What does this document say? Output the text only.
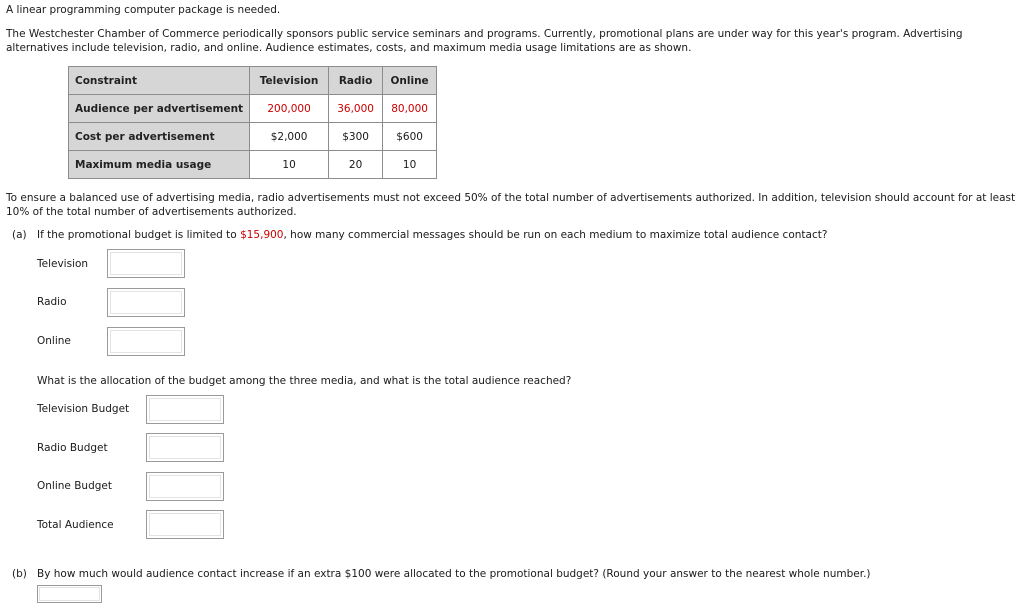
A linear programming computer package is needed.
The Westchester Chamber of Commerce periodically sponsors public service seminars and programs. Currently, promotional plans are under way for this year's program. Advertising alternatives include television, radio, and online. Audience estimates, costs, and maximum media usage limitations are as shown.
Constraint	Television	Radio	Online
Audience per advertisement	200,000	36,000	80,000
Cost per advertisement	$2,000	$300	$600
Maximum media usage	10	20	10
To ensure a balanced use of advertising media, radio advertisements must not exceed 50% of the total number of advertisements authorized. In addition, television should account for at least 10% of the total number of advertisements authorized.
(a) If the promotional budget is limited to $15,900, how many commercial messages should be run on each medium to maximize total audience contact?
Television
Radio
Online
What is the allocation of the budget among the three media, and what is the total audience reached?
Television Budget
Radio Budget
Online Budget
Total Audience
(b) By how much would audience contact increase if an extra $100 were allocated to the promotional budget? (Round your answer to the nearest whole number.)
